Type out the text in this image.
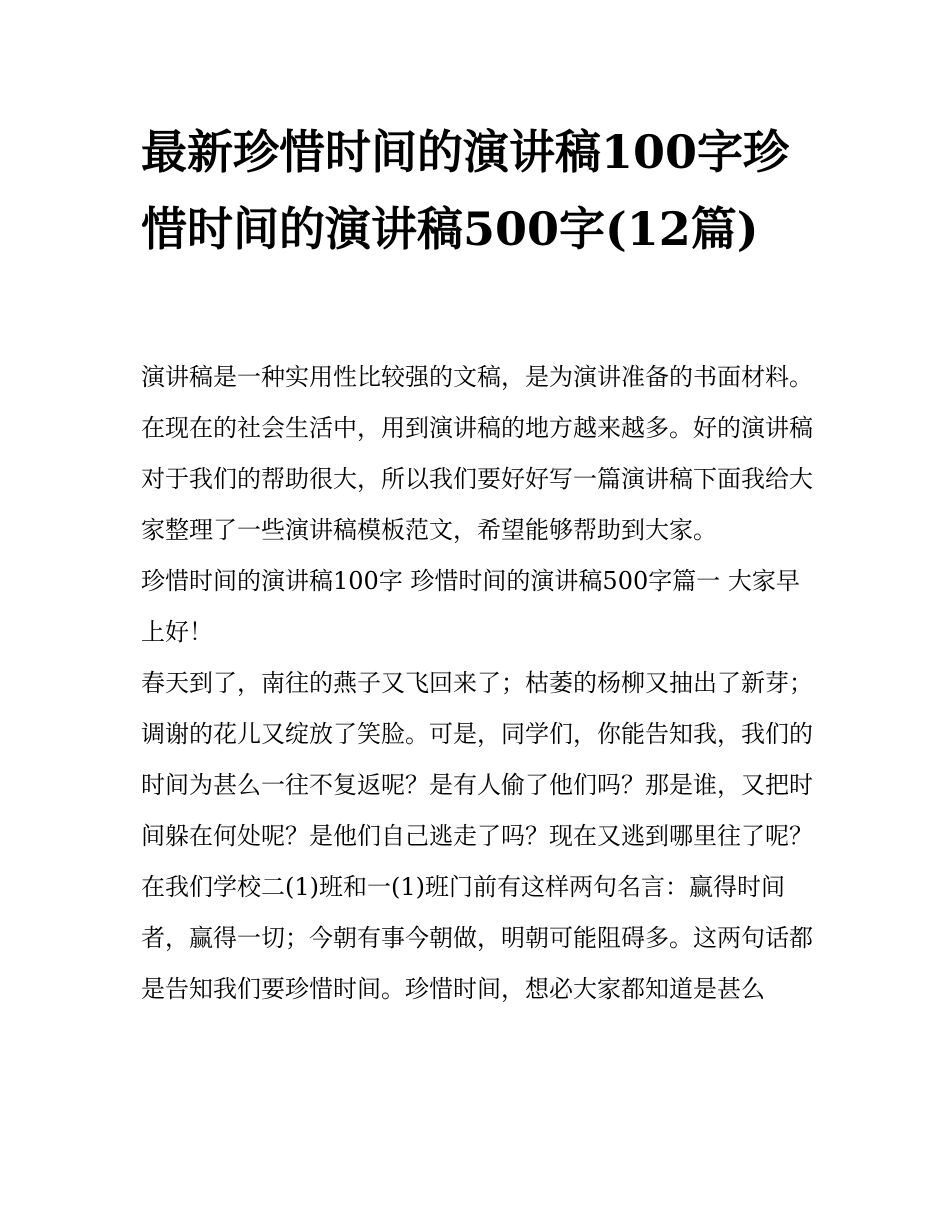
最新珍惜时间的演讲稿100字珍惜时间的演讲稿500字(12篇)

演讲稿是一种实用性比较强的文稿，是为演讲准备的书面材料。在现在的社会生活中，用到演讲稿的地方越来越多。好的演讲稿对于我们的帮助很大，所以我们要好好写一篇演讲稿下面我给大家整理了一些演讲稿模板范文，希望能够帮助到大家。

珍惜时间的演讲稿100字 珍惜时间的演讲稿500字篇一 大家早上好！

春天到了，南往的燕子又飞回来了；枯萎的杨柳又抽出了新芽；调谢的花儿又绽放了笑脸。可是，同学们，你能告知我，我们的时间为甚么一往不复返呢？是有人偷了他们吗？那是谁，又把时间躲在何处呢？是他们自己逃走了吗？现在又逃到哪里往了呢？

在我们学校二(1)班和一(1)班门前有这样两句名言：赢得时间者，赢得一切；今朝有事今朝做，明朝可能阻碍多。这两句话都是告知我们要珍惜时间。珍惜时间，想必大家都知道是甚么
